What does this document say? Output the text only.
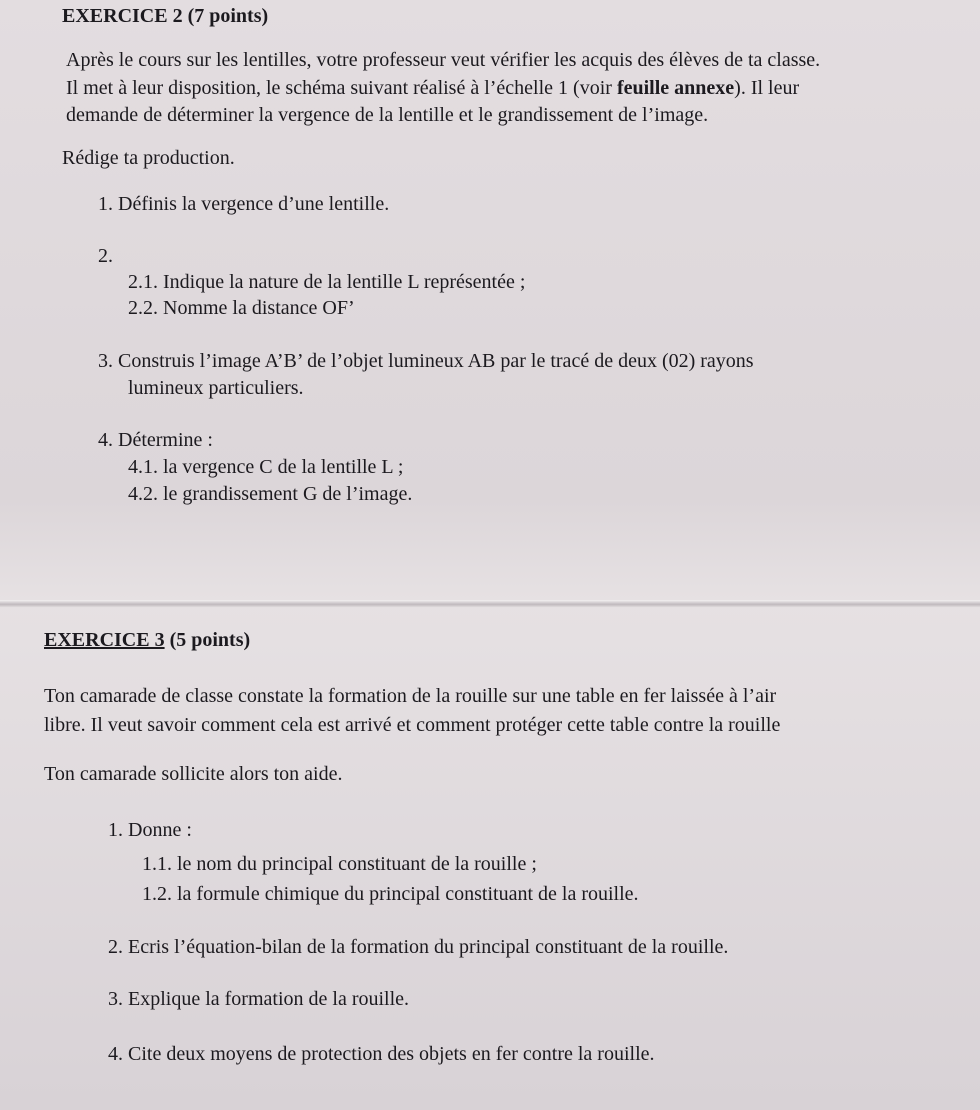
EXERCICE 2 (7 points)
Après le cours sur les lentilles, votre professeur veut vérifier les acquis des élèves de ta classe.
Il met à leur disposition, le schéma suivant réalisé à l’échelle 1 (voir feuille annexe). Il leur
demande de déterminer la vergence de la lentille et le grandissement de l’image.
Rédige ta production.
1. Définis la vergence d’une lentille.
2.
2.1. Indique la nature de la lentille L représentée ;
2.2. Nomme la distance OF’
3. Construis l’image A’B’ de l’objet lumineux AB par le tracé de deux (02) rayons
lumineux particuliers.
4. Détermine :
4.1. la vergence C de la lentille L ;
4.2. le grandissement G de l’image.
EXERCICE 3 (5 points)
Ton camarade de classe constate la formation de la rouille sur une table en fer laissée à l’air
libre. Il veut savoir comment cela est arrivé et comment protéger cette table contre la rouille
Ton camarade sollicite alors ton aide.
1. Donne :
1.1. le nom du principal constituant de la rouille ;
1.2. la formule chimique du principal constituant de la rouille.
2. Ecris l’équation-bilan de la formation du principal constituant de la rouille.
3. Explique la formation de la rouille.
4. Cite deux moyens de protection des objets en fer contre la rouille.
